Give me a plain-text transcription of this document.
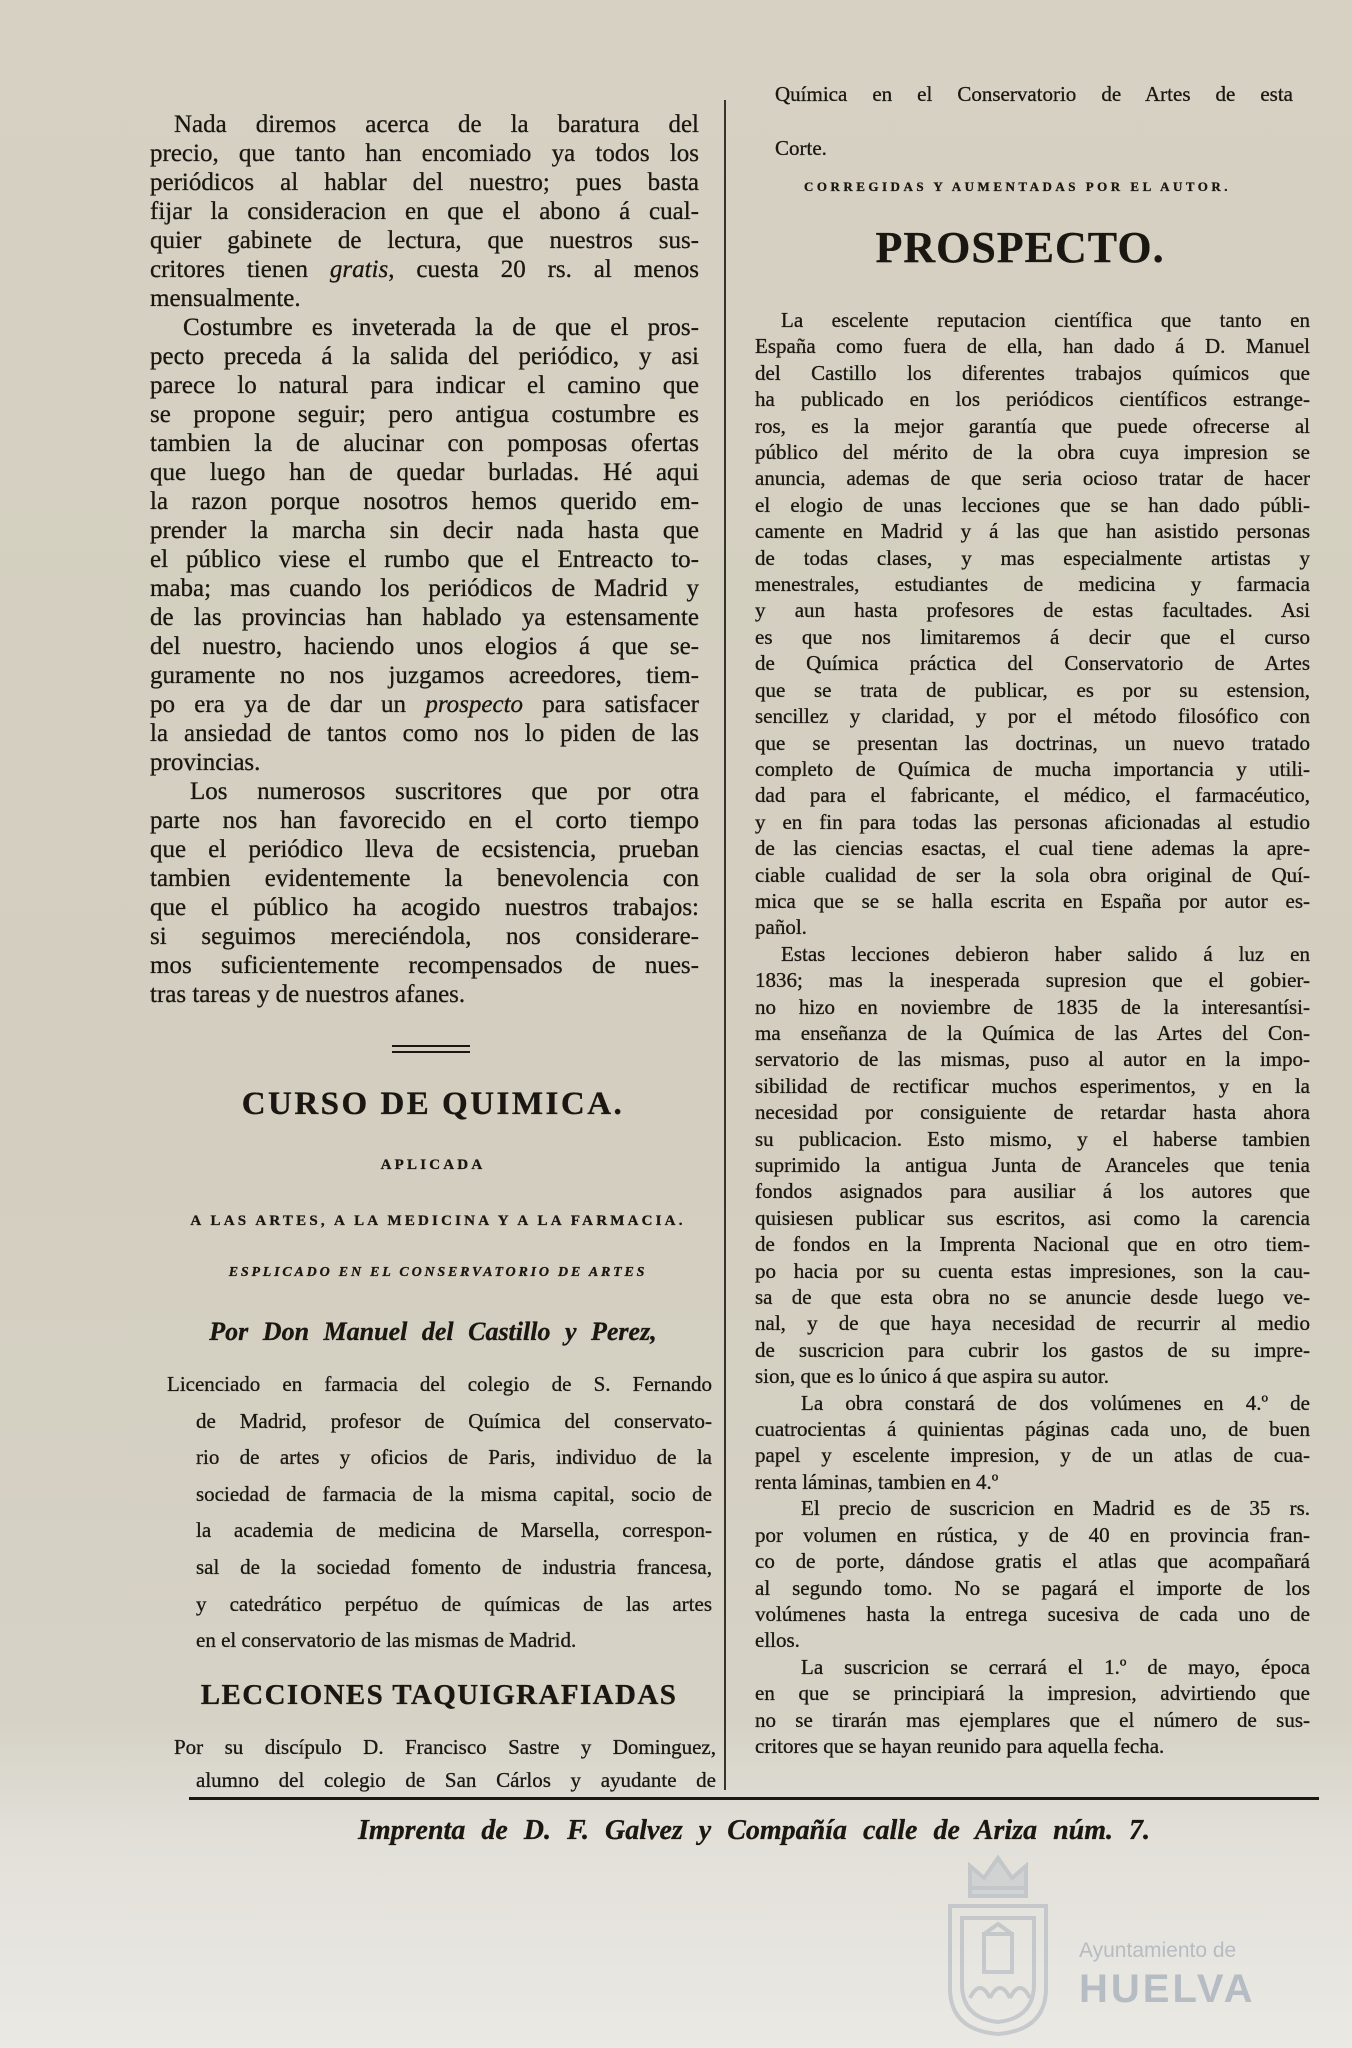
Nada diremos acerca de la baratura del
precio, que tanto han encomiado ya todos los
periódicos al hablar del nuestro; pues basta
fijar la consideracion en que el abono á cual-
quier gabinete de lectura, que nuestros sus-
critores tienen gratis, cuesta 20 rs. al menos
mensualmente.
Costumbre es inveterada la de que el pros-
pecto preceda á la salida del periódico, y asi
parece lo natural para indicar el camino que
se propone seguir; pero antigua costumbre es
tambien la de alucinar con pomposas ofertas
que luego han de quedar burladas. Hé aqui
la razon porque nosotros hemos querido em-
prender la marcha sin decir nada hasta que
el público viese el rumbo que el Entreacto to-
maba; mas cuando los periódicos de Madrid y
de las provincias han hablado ya estensamente
del nuestro, haciendo unos elogios á que se-
guramente no nos juzgamos acreedores, tiem-
po era ya de dar un prospecto para satisfacer
la ansiedad de tantos como nos lo piden de las
provincias.
Los numerosos suscritores que por otra
parte nos han favorecido en el corto tiempo
que el periódico lleva de ecsistencia, prueban
tambien evidentemente la benevolencia con
que el público ha acogido nuestros trabajos:
si seguimos mereciéndola, nos considerare-
mos suficientemente recompensados de nues-
tras tareas y de nuestros afanes.
CURSO DE QUIMICA.
APLICADA
A LAS ARTES, A LA MEDICINA Y A LA FARMACIA.
ESPLICADO EN EL CONSERVATORIO DE ARTES
Por Don Manuel del Castillo y Perez,
Licenciado en farmacia del colegio de S. Fernando
de Madrid, profesor de Química del conservato-
rio de artes y oficios de Paris, individuo de la
sociedad de farmacia de la misma capital, socio de
la academia de medicina de Marsella, correspon-
sal de la sociedad fomento de industria francesa,
y catedrático perpétuo de químicas de las artes
en el conservatorio de las mismas de Madrid.
LECCIONES TAQUIGRAFIADAS
Por su discípulo D. Francisco Sastre y Dominguez,
alumno del colegio de San Cárlos y ayudante de
Química en el Conservatorio de Artes de esta
Corte.
CORREGIDAS Y AUMENTADAS POR EL AUTOR.
PROSPECTO.
La escelente reputacion científica que tanto en
España como fuera de ella, han dado á D. Manuel
del Castillo los diferentes trabajos químicos que
ha publicado en los periódicos científicos estrange-
ros, es la mejor garantía que puede ofrecerse al
público del mérito de la obra cuya impresion se
anuncia, ademas de que seria ocioso tratar de hacer
el elogio de unas lecciones que se han dado públi-
camente en Madrid y á las que han asistido personas
de todas clases, y mas especialmente artistas y
menestrales, estudiantes de medicina y farmacia
y aun hasta profesores de estas facultades. Asi
es que nos limitaremos á decir que el curso
de Química práctica del Conservatorio de Artes
que se trata de publicar, es por su estension,
sencillez y claridad, y por el método filosófico con
que se presentan las doctrinas, un nuevo tratado
completo de Química de mucha importancia y utili-
dad para el fabricante, el médico, el farmacéutico,
y en fin para todas las personas aficionadas al estudio
de las ciencias esactas, el cual tiene ademas la apre-
ciable cualidad de ser la sola obra original de Quí-
mica que se se halla escrita en España por autor es-
pañol.
Estas lecciones debieron haber salido á luz en
1836; mas la inesperada supresion que el gobier-
no hizo en noviembre de 1835 de la interesantísi-
ma enseñanza de la Química de las Artes del Con-
servatorio de las mismas, puso al autor en la impo-
sibilidad de rectificar muchos esperimentos, y en la
necesidad por consiguiente de retardar hasta ahora
su publicacion. Esto mismo, y el haberse tambien
suprimido la antigua Junta de Aranceles que tenia
fondos asignados para ausiliar á los autores que
quisiesen publicar sus escritos, asi como la carencia
de fondos en la Imprenta Nacional que en otro tiem-
po hacia por su cuenta estas impresiones, son la cau-
sa de que esta obra no se anuncie desde luego ve-
nal, y de que haya necesidad de recurrir al medio
de suscricion para cubrir los gastos de su impre-
sion, que es lo único á que aspira su autor.
La obra constará de dos volúmenes en 4.º de
cuatrocientas á quinientas páginas cada uno, de buen
papel y escelente impresion, y de un atlas de cua-
renta láminas, tambien en 4.º
El precio de suscricion en Madrid es de 35 rs.
por volumen en rústica, y de 40 en provincia fran-
co de porte, dándose gratis el atlas que acompañará
al segundo tomo. No se pagará el importe de los
volúmenes hasta la entrega sucesiva de cada uno de
ellos.
La suscricion se cerrará el 1.º de mayo, época
en que se principiará la impresion, advirtiendo que
no se tirarán mas ejemplares que el número de sus-
critores que se hayan reunido para aquella fecha.
Imprenta de D. F. Galvez y Compañía calle de Ariza núm. 7.
Ayuntamiento de
HUELVA
